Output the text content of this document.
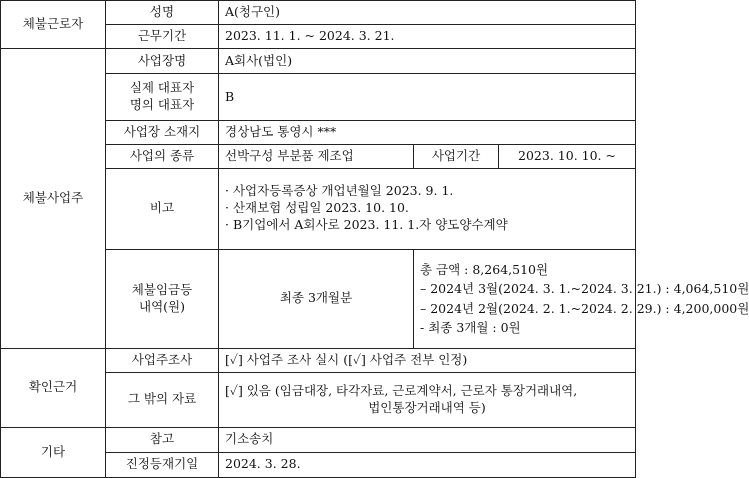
체불근로자	성명	A(청구인)		
	근무기간	2023. 11. 1. ~ 2024. 3. 21.		
체불사업주	사업장명	A회사(법인)		

	실제 대표자
명의 대표자	B		
	사업장 소재지	경상남도 통영시 ***		
	사업의 종류	선박구성 부분품 제조업	사업기간	2023. 10. 10. ~
	비고	· 사업자등록증상 개업년월일 2023. 9. 1.
· 산재보험 성립일 2023. 10. 10.
· B기업에서 A회사로 2023. 11. 1.자 양도양수계약		

	체불임금등
내역(원)	최종 3개월분	총 금액 : 8,264,510원
– 2024년 3월(2024. 3. 1.~2024. 3. 21.) : 4,064,510원
– 2024년 2월(2024. 2. 1.~2024. 2. 29.) : 4,200,000원
- 최종 3개월 : 0원	

확인근거	사업주조사	[✓] 사업주 조사 실시 ([✓] 사업주 전부 인정)		
	그 밖의 자료	[✓] 있음 (임금대장, 타각자료, 근로계약서, 근로자 통장거래내역,
법인통장거래내역 등)		

기타	참고	기소송치		
	진정등재기일	2024. 3. 28.		
